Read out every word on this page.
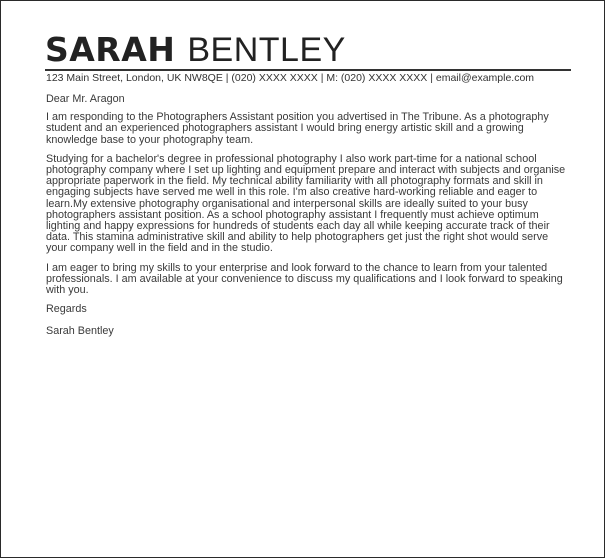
SARAH BENTLEY
123 Main Street, London, UK NW8QE | (020) XXXX XXXX | M: (020) XXXX XXXX | email@example.com

Dear Mr. Aragon

I am responding to the Photographers Assistant position you advertised in The Tribune. As a photography student and an experienced photographers assistant I would bring energy artistic skill and a growing knowledge base to your photography team.

Studying for a bachelor's degree in professional photography I also work part-time for a national school photography company where I set up lighting and equipment prepare and interact with subjects and organise appropriate paperwork in the field. My technical ability familiarity with all photography formats and skill in engaging subjects have served me well in this role. I'm also creative hard-working reliable and eager to learn.My extensive photography organisational and interpersonal skills are ideally suited to your busy photographers assistant position. As a school photography assistant I frequently must achieve optimum lighting and happy expressions for hundreds of students each day all while keeping accurate track of their data. This stamina administrative skill and ability to help photographers get just the right shot would serve your company well in the field and in the studio.

I am eager to bring my skills to your enterprise and look forward to the chance to learn from your talented professionals. I am available at your convenience to discuss my qualifications and I look forward to speaking with you.

Regards

Sarah Bentley
